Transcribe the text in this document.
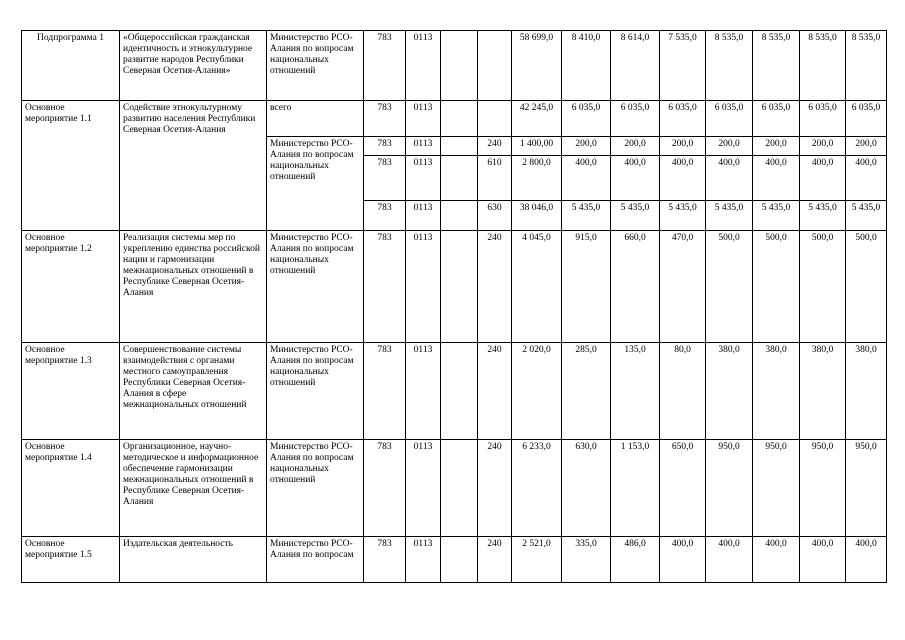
Подпрограмма 1	«Общероссийская гражданская идентичность и этнокультурное развитие народов Республики Северная Осетия-Алания»	Министерство РСО-Алания по вопросам национальных отношений	783	0113			58 699,0	8 410,0	8 614,0	7 535,0	8 535,0	8 535,0	8 535,0	8 535,0
Основное мероприятие 1.1	Содействие этнокультурному развитию населения Республики Северная Осетия-Алания	всего	783	0113			42 245,0	6 035,0	6 035,0	6 035,0	6 035,0	6 035,0	6 035,0	6 035,0
		Министерство РСО-Алания по вопросам национальных отношений	783	0113		240	1 400,00	200,0	200,0	200,0	200,0	200,0	200,0	200,0
			783	0113		610	2 800,0	400,0	400,0	400,0	400,0	400,0	400,0	400,0
			783	0113		630	38 046,0	5 435,0	5 435,0	5 435,0	5 435,0	5 435,0	5 435,0	5 435,0
Основное мероприятие 1.2	Реализация системы мер по укреплению единства российской нации и гармонизации межнациональных отношений в Республике Северная Осетия-Алания	Министерство РСО-Алания по вопросам национальных отношений	783	0113		240	4 045,0	915,0	660,0	470,0	500,0	500,0	500,0	500,0
Основное мероприятие 1.3	Совершенствование системы взаимодействия с органами местного самоуправления Республики Северная Осетия-Алания в сфере межнациональных отношений	Министерство РСО-Алания по вопросам национальных отношений	783	0113		240	2 020,0	285,0	135,0	80,0	380,0	380,0	380,0	380,0
Основное мероприятие 1.4	Организационное, научно-методическое и информационное обеспечение гармонизации межнациональных отношений в Республике Северная Осетия-Алания	Министерство РСО-Алания по вопросам национальных отношений	783	0113		240	6 233,0	630,0	1 153,0	650,0	950,0	950,0	950,0	950,0
Основное мероприятие 1.5	Издательская деятельность	Министерство РСО-Алания по вопросам	783	0113		240	2 521,0	335,0	486,0	400,0	400,0	400,0	400,0	400,0
